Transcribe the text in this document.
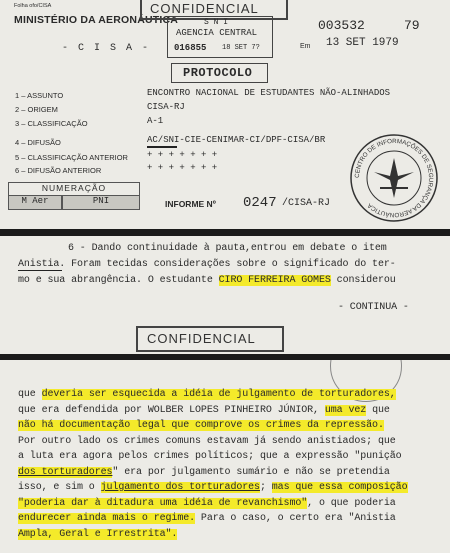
Folha ofo/CISA
MINISTÉRIO DA AERONÁUTICA
- C I S A -
CONFIDENCIAL
S N I
AGENCIA CENTRAL
016855 18 SET 7?
PROTOCOLO
003532	79
Em 13 SET 1979
1 – ASSUNTO	ENCONTRO NACIONAL DE ESTUDANTES NÃO-ALINHADOS
2 – ORIGEM	CISA-RJ
3 – CLASSIFICAÇÃO	A-1
4 – DIFUSÃO	AC/SNI-CIE-CENIMAR-CI/DPF-CISA/BR
5 – CLASSIFICAÇÃO ANTERIOR + + + + + + +
6 – DIFUSÃO ANTERIOR	+ + + + + + +
CENTRO DE INFORMAÇÕES DE SEGURANÇA DA AERONÁUTICA
NUMERAÇÃO
M Aer	PNI	INFORME Nº 0247 /CISA-RJ
6 - Dando continuidade à pauta,entrou em debate o item
Anistia. Foram tecidas considerações sobre o significado do ter-
mo e sua abrangência. O estudante CIRO FERREIRA GOMES considerou
- CONTINUA -
CONFIDENCIAL
que deveria ser esquecida a idéia de julgamento de torturadores,
que era defendida por WOLBER LOPES PINHEIRO JÚNIOR, uma vez que
não há documentação legal que comprove os crimes da repressão.
Por outro lado os crimes comuns estavam já sendo anistiados; que
a luta era agora pelos crimes políticos; que a expressão "punição
dos torturadores" era por julgamento sumário e não se pretendia
isso, e sim o julgamento dos torturadores; mas que essa composição
"poderia dar à ditadura uma idéia de revanchismo", o que poderia
endurecer ainda mais o regime. Para o caso, o certo era "Anistia
Ampla, Geral e Irrestrita".
